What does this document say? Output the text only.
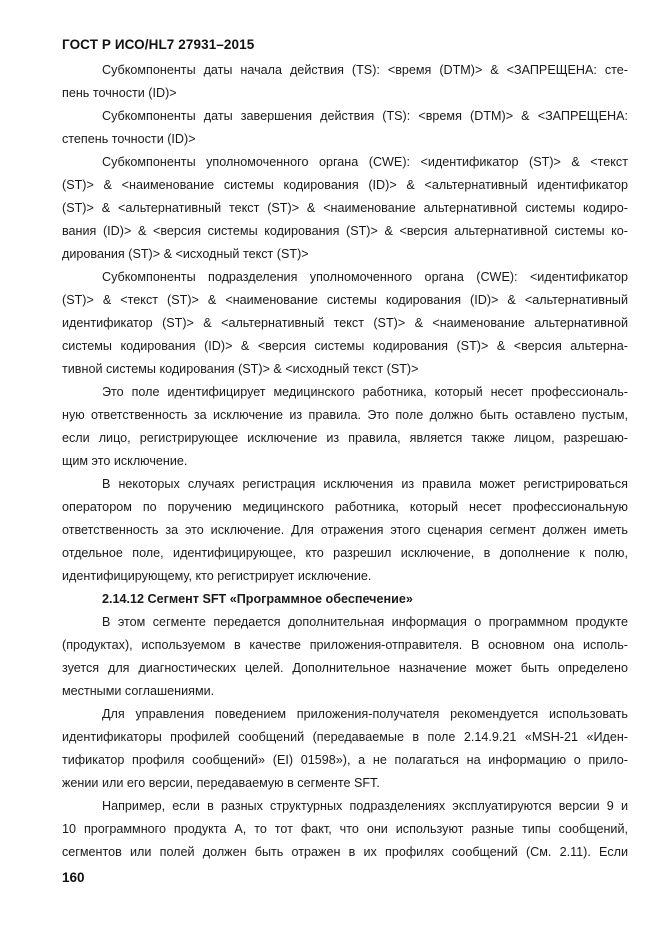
ГОСТ Р ИСО/HL7 27931–2015
Субкомпоненты даты начала действия (TS): <время (DTM)> & <ЗАПРЕЩЕНА: сте-
пень точности (ID)>
Субкомпоненты даты завершения действия (TS): <время (DTM)> & <ЗАПРЕЩЕНА:
степень точности (ID)>
Субкомпоненты уполномоченного органа (CWE): <идентификатор (ST)> & <текст
(ST)> & <наименование системы кодирования (ID)> & <альтернативный идентификатор
(ST)> & <альтернативный текст (ST)> & <наименование альтернативной системы кодиро-
вания (ID)> & <версия системы кодирования (ST)> & <версия альтернативной системы ко-
дирования (ST)> & <исходный текст (ST)>
Субкомпоненты подразделения уполномоченного органа (CWE): <идентификатор
(ST)> & <текст (ST)> & <наименование системы кодирования (ID)> & <альтернативный
идентификатор (ST)> & <альтернативный текст (ST)> & <наименование альтернативной
системы кодирования (ID)> & <версия системы кодирования (ST)> & <версия альтерна-
тивной системы кодирования (ST)> & <исходный текст (ST)>
Это поле идентифицирует медицинского работника, который несет профессиональ-
ную ответственность за исключение из правила. Это поле должно быть оставлено пустым,
если лицо, регистрирующее исключение из правила, является также лицом, разрешаю-
щим это исключение.
В некоторых случаях регистрация исключения из правила может регистрироваться
оператором по поручению медицинского работника, который несет профессиональную
ответственность за это исключение. Для отражения этого сценария сегмент должен иметь
отдельное поле, идентифицирующее, кто разрешил исключение, в дополнение к полю,
идентифицирующему, кто регистрирует исключение.
2.14.12 Сегмент SFT «Программное обеспечение»
В этом сегменте передается дополнительная информация о программном продукте
(продуктах), используемом в качестве приложения-отправителя. В основном она исполь-
зуется для диагностических целей. Дополнительное назначение может быть определено
местными соглашениями.
Для управления поведением приложения-получателя рекомендуется использовать
идентификаторы профилей сообщений (передаваемые в поле 2.14.9.21 «MSH-21 «Иден-
тификатор профиля сообщений» (EI) 01598»), а не полагаться на информацию о прило-
жении или его версии, передаваемую в сегменте SFT.
Например, если в разных структурных подразделениях эксплуатируются версии 9 и
10 программного продукта А, то тот факт, что они используют разные типы сообщений,
сегментов или полей должен быть отражен в их профилях сообщений (См. 2.11). Если
160
